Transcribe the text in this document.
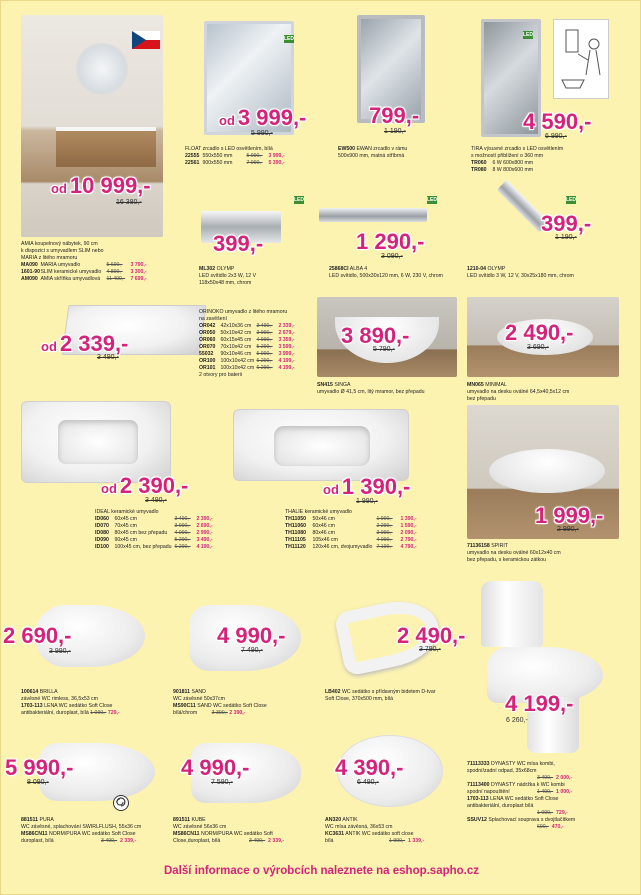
od 10 999,-
16 380,-
AMIA koupelnový nábytek, 90 cm
k dispozici s umyvadlem SLIM nebo
MARIA z litého mramoru
MA090
MARIA umyvadlo	5 690,-	3 790,-
1601-90
SLIM keramické umyvadlo 4 890,-	3 300,-
AM090
AMIA skříňka umyvadlová	11 490,-	7 699,-
LED
od 3 999,-
5 990,-
FLOAT zrcadlo s LED osvětlením, bílá
22555
550x550 mm	5 990,-	3 999,-
22561
900x550 mm	7 990,-	5 390,-
799,-
1 190,-
EW500 EWAN zrcadlo v rámu
500x900 mm, matná stříbrná
LED
4 590,-
6 990,-
TIRA výsuvné zrcadlo s LED osvětlením
s možností přiblížení o 360 mm
TR060 6 W 600x800 mm
TR080 8 W 800x600 mm
LED
399,-
ML302 OLYMP
LED svítidlo 2x3 W, 12 V
118x50x48 mm, chrom
LED
1 290,-
3 090,-
25868CI ALBA 4
LED svítidlo, 500x30x120 mm, 6 W, 230 V, chrom
LED
399,-
1 190,-
1210-04 OLYMP
LED svítidlo 3 W, 12 V, 30x25x180 mm, chrom
od 2 339,-
3 490,-
ORINOKO umyvadlo z litého mramoru
na zavěšení
OR042
42x10x36 cm 3 490,-	2 339,-
OR050
50x10x42 cm 3 990,-	2 679,-
OR060
60x15x45 cm 4 990,-	3 359,-
OR070
70x10x42 cm 5 290,-	3 599,-
55032
	90x10x46 cm 5 990,-	3 999,-
OR100
100x10x42 cm 6 290,-	4 199,-
OR101
100x10x42 cm 6 290,-	4 199,-
2 otvory pro baterii
3 890,-
5 790,-
SN415 SINGA
umyvadlo Ø 41,5 cm, litý mramor, bez přepadu
2 490,-
3 690,-
MN065 MINIMAL
umyvadlo na desku oválné 64,5x40,5x12 cm
bez přepadu
od 2 390,-
3 490,-
IDEAL keramické umyvadlo
ID060
	60x45 cm	3 490,-	2 390,-
ID070
	70x45 cm	3 990,-	2 690,-
ID080
	80x45 cm bez přepadu	4 090,-	2 990,-
ID090
	90x45 cm	5 290,-	3 490,-
ID100
	100x45 cm, bez přepadu 6 290,-	4 190,-
od 1 390,-
1 990,-
THALIE keramické umyvadlo
TH11050
	50x46 cm	1 990,-	1 390,-
TH11060
	60x46 cm	2 290,-	1 590,-
TH11080
	80x46 cm	3 090,-	2 090,-
TH11105
	105x46 cm	4 090,-	2 790,-
TH11120
	120x46 cm, dvojumyvadlo 7 190,-	4 790,-
1 999,-
2 990,-
71136158 SPIRIT
umyvadlo na desku oválné 60x12x40 cm
bez přepadu, s keramickou zátkou
2 690,-
3 990,-
100614 BRILLA
závěsné WC rimless, 36,5x53 cm
1703-113 LENA WC sedátko Soft Close
antibakteriální, duroplast, bílá 1 090,- 729,-
4 990,-
7 490,-
901811 SAND
WC závěsné 50x37cm
MS90C11 SAND WC sedátko Soft Close
bílá/chrom	3 390,- 2 390,-
2 490,-
3 790,-
LB402 WC sedátko s přídavným bidetem D-tvar
Soft Close, 370x500 mm, bílá	4 199,-
6 260,-
71113333 DYNASTY WC mísa kombi,
spodní/zadní odpad, 35x68cm
3 490,- 2 000,-
71113400 DYNASTY nádržka k WC kombi
spodní napouštění	1 490,- 1 000,-
1703-113 LENA WC sedátko Soft Close
antibakteriální, duroplast bílá
1 090,- 729,-
SSUV12 Splachovací souprava s dvojtlačítkem
690,- 470,-
5 990,-
8 090,-
881511 PURA
WC závěsné, splachování SWIRLFLUSH, 55x36 cm
MS86CN11 NORM/PURA WC sedátko Soft Close
duroplast, bílá	3 490,- 2 339,-
4 990,-
7 590,-
891511 KUBE
WC závěsné 56x36 cm
MS86CN11 NORM/PURA WC sedátko Soft
Close,duroplast, bílá	3 490,- 2 339,-
4 390,-
6 490,-
AN320 ANTIK
WC mísa závěsná, 36x53 cm
KC3631 ANTIK WC sedátko soft close
bílá	1 990,- 1 339,-
Další informace o výrobcích naleznete na eshop.sapho.cz
